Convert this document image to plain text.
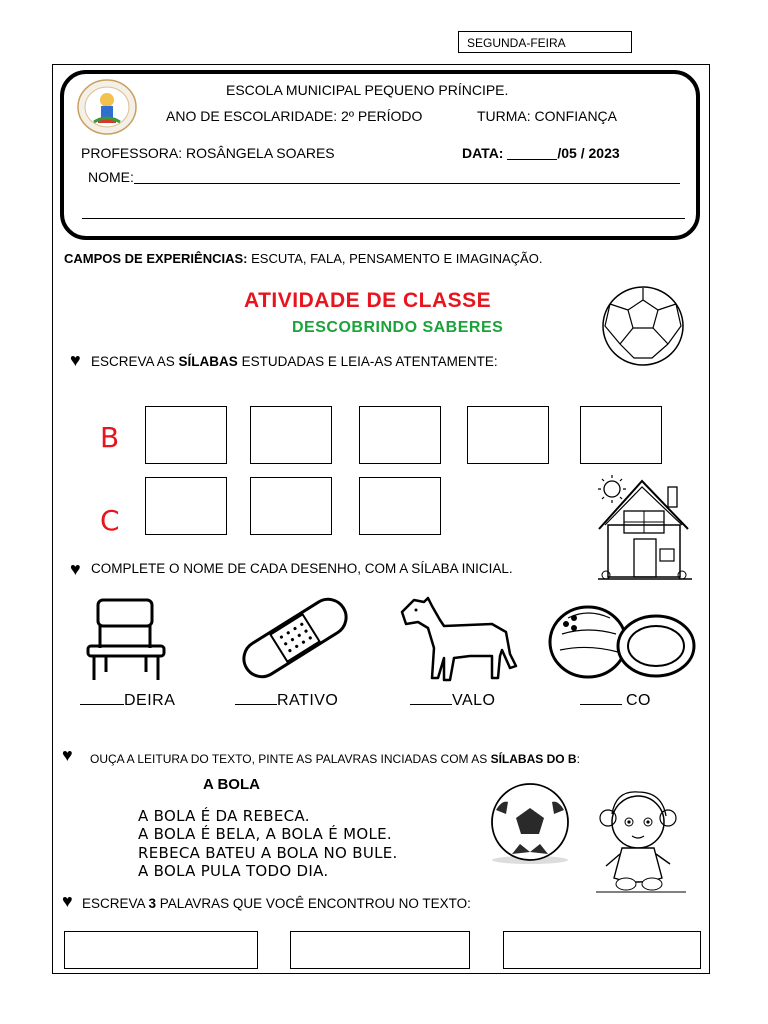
SEGUNDA-FEIRA
ESCOLA MUNICIPAL PEQUENO PRÍNCIPE.
ANO DE ESCOLARIDADE: 2º PERÍODO	TURMA: CONFIANÇA
PROFESSORA: ROSÂNGELA SOARES	DATA:	/05 / 2023
NOME:
CAMPOS DE EXPERIÊNCIAS: ESCUTA, FALA, PENSAMENTO E IMAGINAÇÃO.
ATIVIDADE DE CLASSE
DESCOBRINDO SABERES
♥ ESCREVA AS SÍLABAS ESTUDADAS E LEIA-AS ATENTAMENTE:
B
C
♥ COMPLETE O NOME DE CADA DESENHO, COM A SÍLABA INICIAL.
DEIRA	RATIVO	VALO	CO
♥ OUÇA A LEITURA DO TEXTO, PINTE AS PALAVRAS INCIADAS COM AS SÍLABAS DO B:
A BOLA
A BOLA É DA REBECA.
A BOLA É BELA, A BOLA É MOLE.
REBECA BATEU A BOLA NO BULE.
A BOLA PULA TODO DIA.
♥ ESCREVA 3 PALAVRAS QUE VOCÊ ENCONTROU NO TEXTO:
